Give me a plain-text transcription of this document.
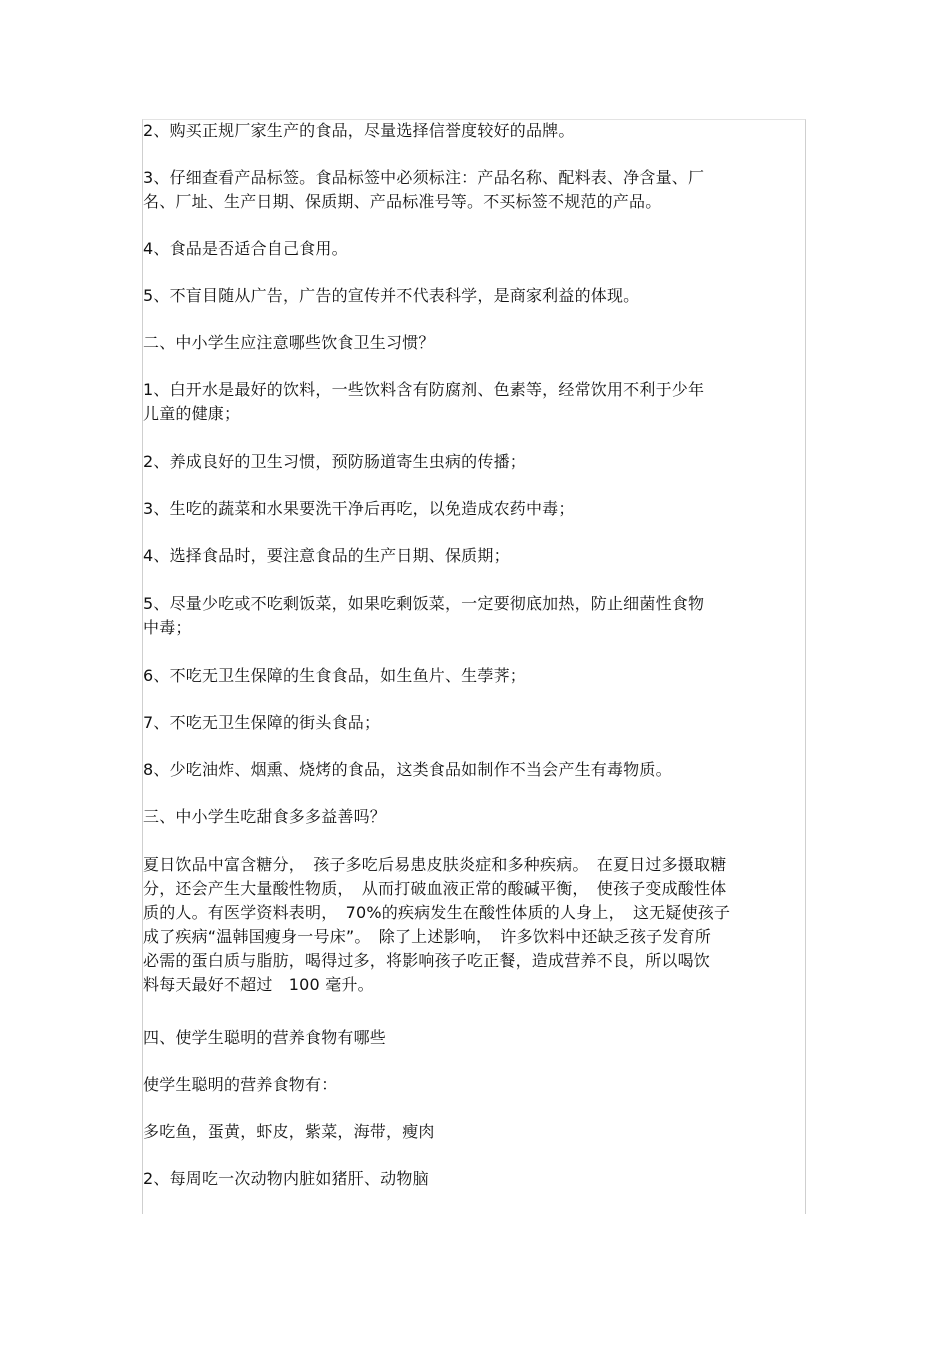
2、购买正规厂家生产的食品，尽量选择信誉度较好的品牌。

3、仔细查看产品标签。食品标签中必须标注：产品名称、配料表、净含量、厂
名、厂址、生产日期、保质期、产品标准号等。不买标签不规范的产品。

4、食品是否适合自己食用。

5、不盲目随从广告，广告的宣传并不代表科学，是商家利益的体现。

二、中小学生应注意哪些饮食卫生习惯？

1、白开水是最好的饮料，一些饮料含有防腐剂、色素等，经常饮用不利于少年
儿童的健康；

2、养成良好的卫生习惯，预防肠道寄生虫病的传播；

3、生吃的蔬菜和水果要洗干净后再吃，以免造成农药中毒；

4、选择食品时，要注意食品的生产日期、保质期；

5、尽量少吃或不吃剩饭菜，如果吃剩饭菜，一定要彻底加热，防止细菌性食物
中毒；

6、不吃无卫生保障的生食食品，如生鱼片、生荸荠；

7、不吃无卫生保障的街头食品；

8、少吃油炸、烟熏、烧烤的食品，这类食品如制作不当会产生有毒物质。

三、中小学生吃甜食多多益善吗？

夏日饮品中富含糖分，　孩子多吃后易患皮肤炎症和多种疾病。　在夏日过多摄取糖
分，还会产生大量酸性物质，　从而打破血液正常的酸碱平衡，　使孩子变成酸性体
质的人。有医学资料表明，　70%的疾病发生在酸性体质的人身上，　这无疑使孩子
成了疾病“温韩国瘦身一号床”。　除了上述影响，　许多饮料中还缺乏孩子发育所
必需的蛋白质与脂肪，喝得过多，将影响孩子吃正餐，造成营养不良，所以喝饮
料每天最好不超过　100 毫升。

四、使学生聪明的营养食物有哪些

使学生聪明的营养食物有：

多吃鱼，蛋黄，虾皮，紫菜，海带，瘦肉

2、每周吃一次动物内脏如猪肝、动物脑
